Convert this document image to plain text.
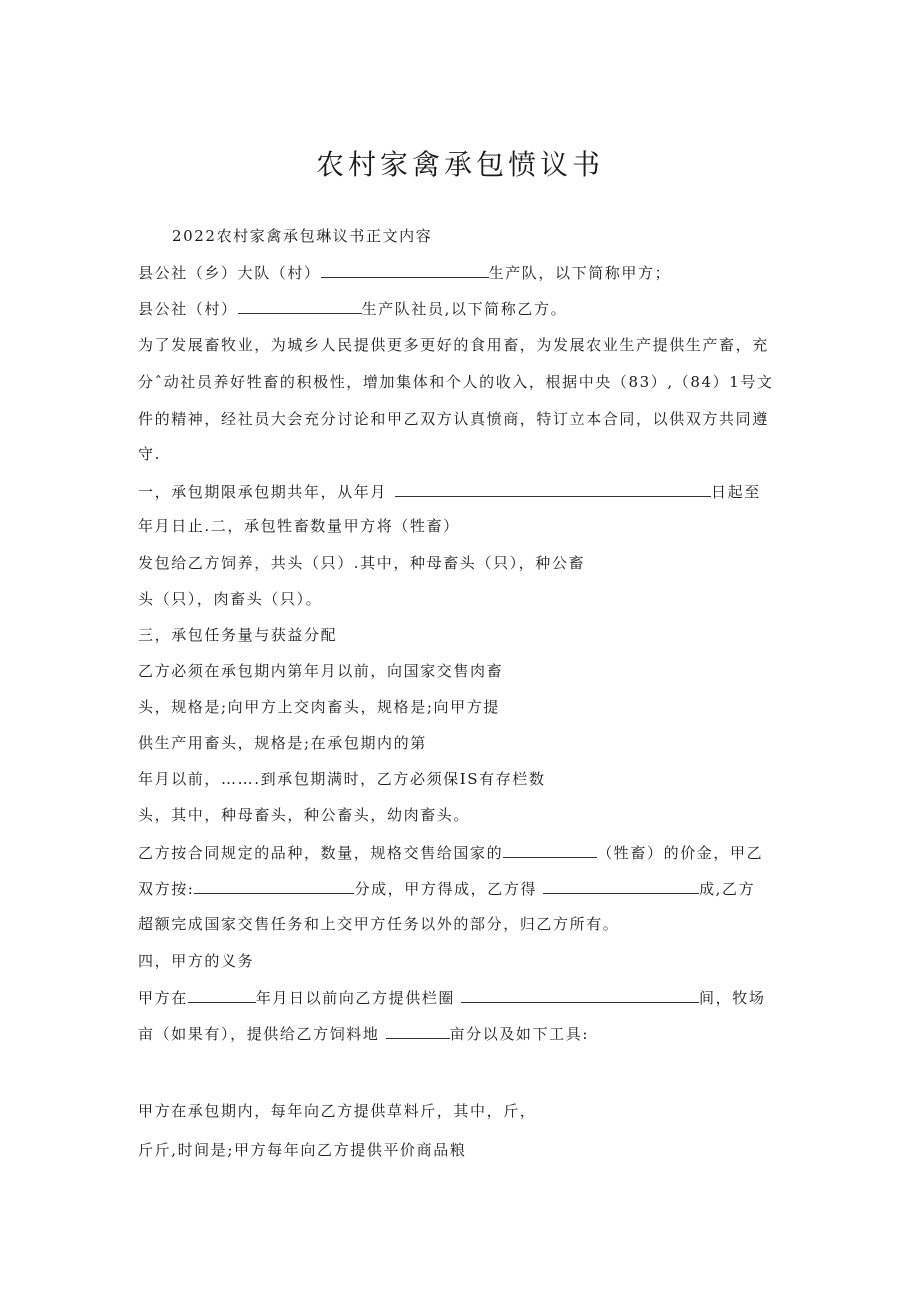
农村家禽承包愤议书
2022农村家禽承包琳议书正文内容
县公社（乡）大队（村）	生产队，以下简称甲方；
县公社（村）	生产队社员,以下简称乙方。
为了发展畜牧业，为城乡人民提供更多更好的食用畜，为发展农业生产提供生产畜，充
分ˆ动社员养好牲畜的积极性，增加集体和个人的收入，根据中央（83）,（84）1号文
件的精神，经社员大会充分讨论和甲乙双方认真愤商，特订立本合同，以供双方共同遵
守.
一，承包期限承包期共年，从年月	日起至
年月日止.二，承包牲畜数量甲方将（牲畜）
发包给乙方饲养，共头（只）.其中，种母畜头（只），种公畜
头（只），肉畜头（只）。
三，承包任务量与获益分配
乙方必须在承包期内第年月以前，向国家交售肉畜
头，规格是;向甲方上交肉畜头，规格是;向甲方提
供生产用畜头，规格是;在承包期内的第
年月以前，…….到承包期满时，乙方必须保IS有存栏数
头，其中，种母畜头，种公畜头，幼肉畜头。
乙方按合同规定的品种，数量，规格交售给国家的	（牲畜）的价金，甲乙
双方按:	分成，甲方得成，乙方得	成,乙方
超额完成国家交售任务和上交甲方任务以外的部分，归乙方所有。
四，甲方的义务
甲方在	年月日以前向乙方提供栏圈	间，牧场
亩（如果有），提供给乙方饲料地	亩分以及如下工具:
甲方在承包期内，每年向乙方提供草料斤，其中，斤，
斤斤,时间是;甲方每年向乙方提供平价商品粮
